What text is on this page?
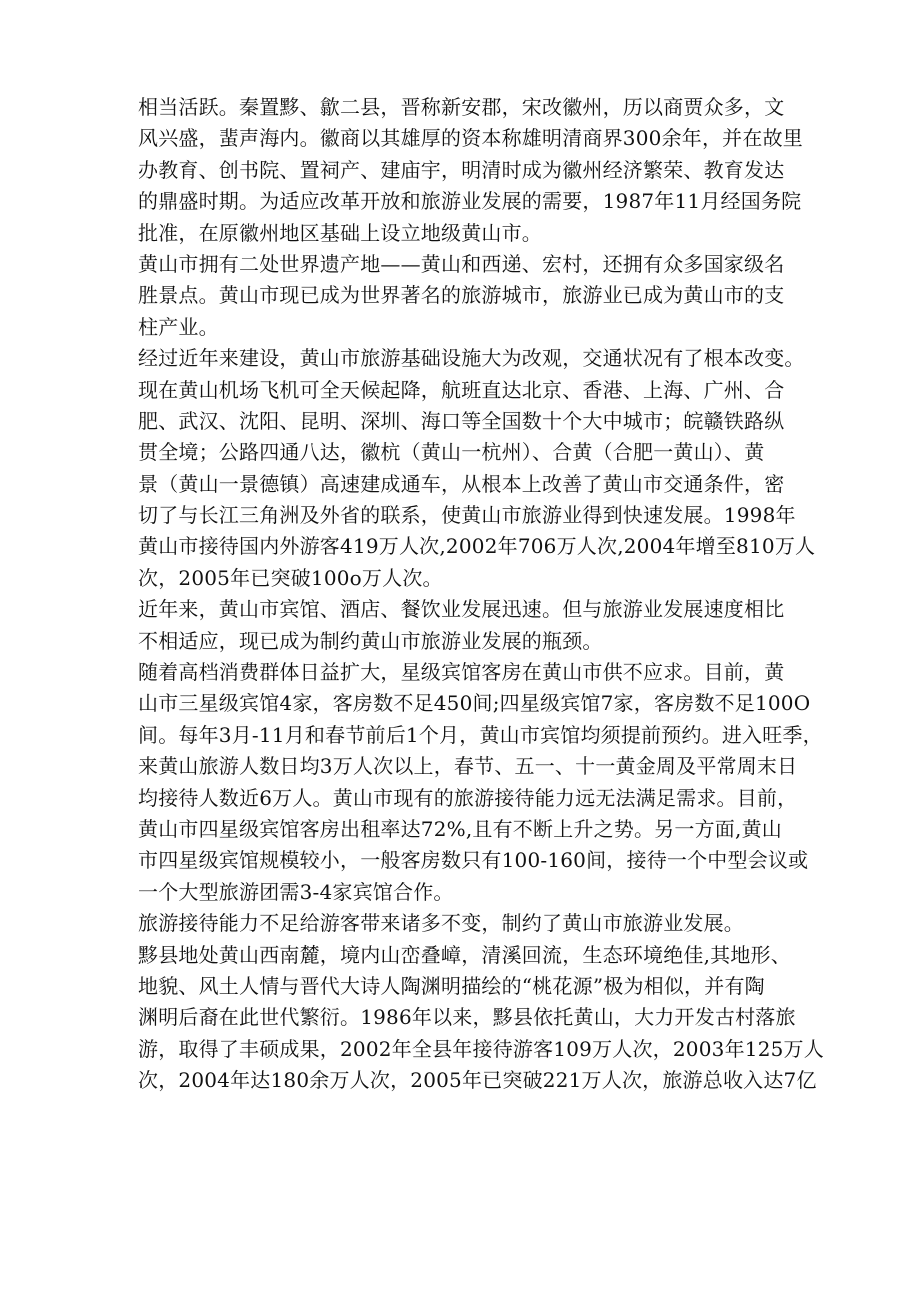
相当活跃。秦置黟、歙二县，晋称新安郡，宋改徽州，历以商贾众多，文
风兴盛，蜚声海内。徽商以其雄厚的资本称雄明清商界300余年，并在故里
办教育、创书院、置祠产、建庙宇，明清时成为徽州经济繁荣、教育发达
的鼎盛时期。为适应改革开放和旅游业发展的需要，1987年11月经国务院
批准，在原徽州地区基础上设立地级黄山市。
黄山市拥有二处世界遗产地——黄山和西递、宏村，还拥有众多国家级名
胜景点。黄山市现已成为世界著名的旅游城市，旅游业已成为黄山市的支
柱产业。
经过近年来建设，黄山市旅游基础设施大为改观，交通状况有了根本改变。
现在黄山机场飞机可全天候起降，航班直达北京、香港、上海、广州、合
肥、武汉、沈阳、昆明、深圳、海口等全国数十个大中城市；皖赣铁路纵
贯全境；公路四通八达，徽杭（黄山一杭州）、合黄（合肥一黄山）、黄
景（黄山一景德镇）高速建成通车，从根本上改善了黄山市交通条件，密
切了与长江三角洲及外省的联系，使黄山市旅游业得到快速发展。1998年
黄山市接待国内外游客419万人次,2002年706万人次,2004年增至810万人
次，2005年已突破100o万人次。
近年来，黄山市宾馆、酒店、餐饮业发展迅速。但与旅游业发展速度相比
不相适应，现已成为制约黄山市旅游业发展的瓶颈。
随着高档消费群体日益扩大，星级宾馆客房在黄山市供不应求。目前，黄
山市三星级宾馆4家，客房数不足450间;四星级宾馆7家，客房数不足100O
间。每年3月-11月和春节前后1个月，黄山市宾馆均须提前预约。进入旺季，
来黄山旅游人数日均3万人次以上，春节、五一、十一黄金周及平常周末日
均接待人数近6万人。黄山市现有的旅游接待能力远无法满足需求。目前，
黄山市四星级宾馆客房出租率达72%,且有不断上升之势。另一方面,黄山
市四星级宾馆规模较小，一般客房数只有100-160间，接待一个中型会议或
一个大型旅游团需3-4家宾馆合作。
旅游接待能力不足给游客带来诸多不变，制约了黄山市旅游业发展。
黟县地处黄山西南麓，境内山峦叠嶂，清溪回流，生态环境绝佳,其地形、
地貌、风土人情与晋代大诗人陶渊明描绘的“桃花源”极为相似，并有陶
渊明后裔在此世代繁衍。1986年以来，黟县依托黄山，大力开发古村落旅
游，取得了丰硕成果，2002年全县年接待游客109万人次，2003年125万人
次，2004年达180余万人次，2005年已突破221万人次，旅游总收入达7亿
